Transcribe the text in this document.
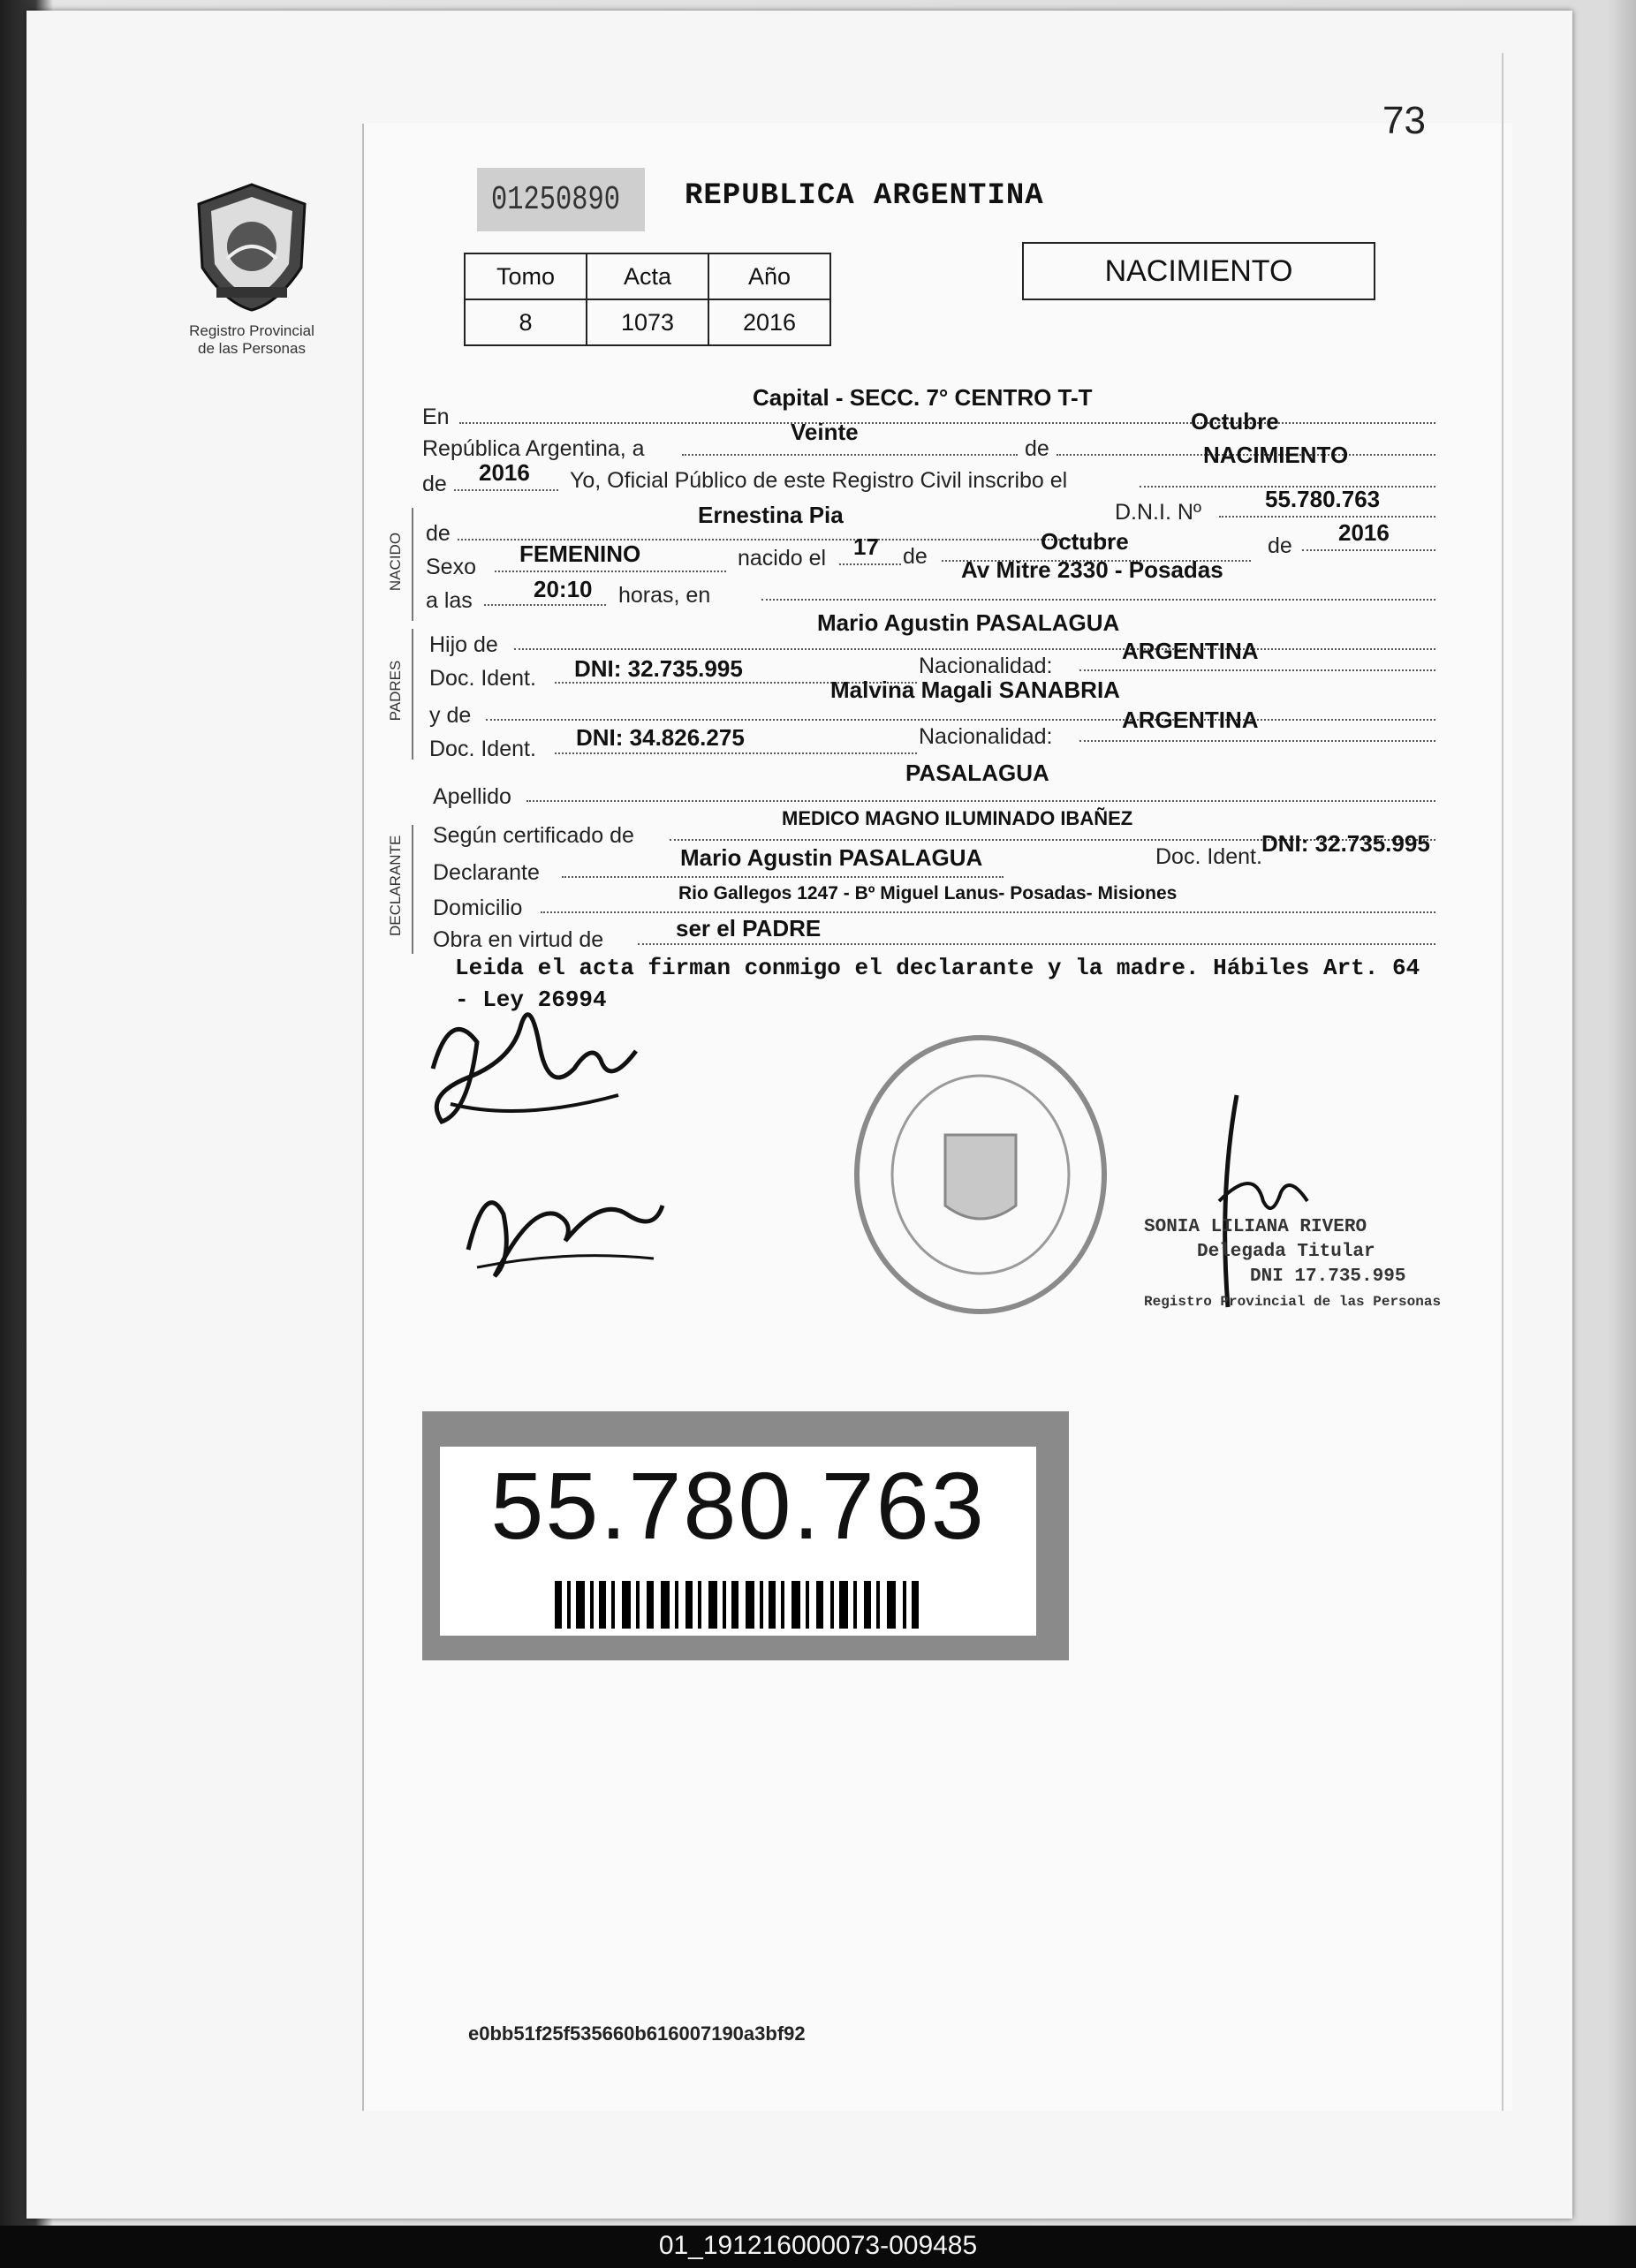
73
Registro Provincial
de las Personas
01250890 REPUBLICA ARGENTINA
Tomo	Acta	Año
8	1073	2016
NACIMIENTO
En
Capital - SECC. 7° CENTRO T-T
República Argentina, a
Veinte
de
Octubre
de 2016 Yo, Oficial Público de este Registro Civil inscribo el
NACIMIENTO
NACIDO de
Ernestina Pia	D.N.I. Nº	55.780.763
Sexo FEMENINO	nacido el 17 de
Octubre	de 2016
a las	20:10 horas, en
Av Mitre 2330 - Posadas
PADRES
Hijo de
Mario Agustin PASALAGUA
Doc. Ident. DNI: 32.735.995	Nacionalidad:
ARGENTINA
y de
Malvina Magali SANABRIA
Doc. Ident. DNI: 34.826.275	Nacionalidad:
ARGENTINA
Apellido
PASALAGUA
DECLARANTE Según certificado de
MEDICO MAGNO ILUMINADO IBAÑEZ
Declarante
Mario Agustin PASALAGUA	Doc. Ident. DNI: 32.735.995
Domicilio
Rio Gallegos 1247 - Bº Miguel Lanus- Posadas- Misiones
Obra en virtud de	ser el PADRE
Leida el acta firman conmigo el declarante y la madre. Hábiles Art. 64 - Ley 26994
SONIA LILIANA RIVERO
Delegada Titular
DNI 17.735.995
Registro Provincial de las Personas
55.780.763
e0bb51f25f535660b616007190a3bf92
01_191216000073-009485
